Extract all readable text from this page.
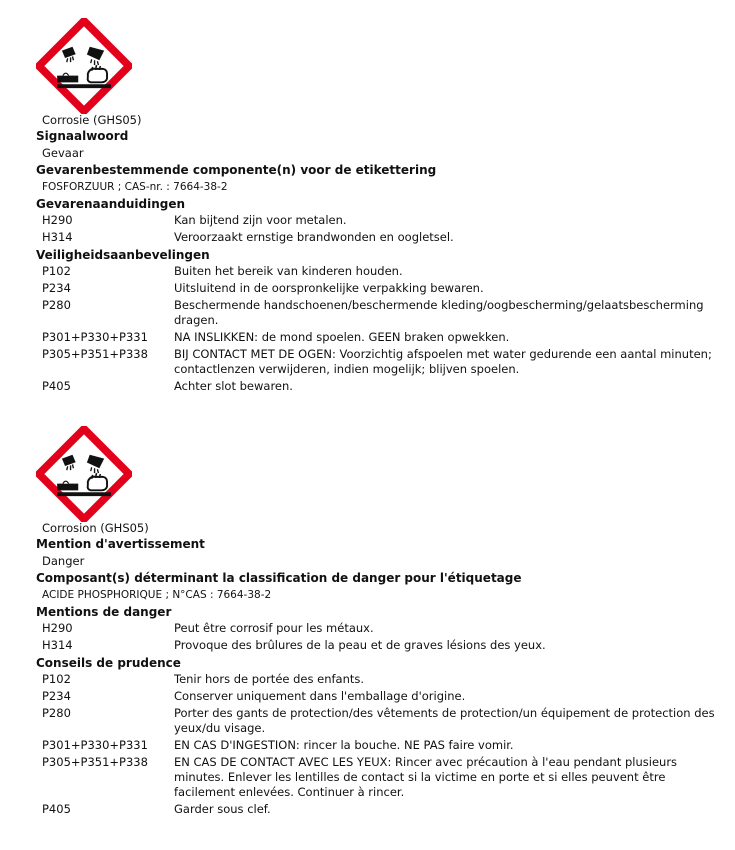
Corrosie (GHS05)
Signaalwoord
Gevaar
Gevarenbestemmende componente(n) voor de etikettering
FOSFORZUUR ; CAS-nr. : 7664-38-2
Gevarenaanduidingen
H290	Kan bijtend zijn voor metalen.
H314	Veroorzaakt ernstige brandwonden en oogletsel.
Veiligheidsaanbevelingen
P102	Buiten het bereik van kinderen houden.
P234	Uitsluitend in de oorspronkelijke verpakking bewaren.
P280	Beschermende handschoenen/beschermende kleding/oogbescherming/gelaatsbescherming dragen.
P301+P330+P331	NA INSLIKKEN: de mond spoelen. GEEN braken opwekken.
P305+P351+P338	BIJ CONTACT MET DE OGEN: Voorzichtig afspoelen met water gedurende een aantal minuten; contactlenzen verwijderen, indien mogelijk; blijven spoelen.
P405	Achter slot bewaren.
Corrosion (GHS05)
Mention d'avertissement
Danger
Composant(s) déterminant la classification de danger pour l'étiquetage
ACIDE PHOSPHORIQUE ; N°CAS : 7664-38-2
Mentions de danger
H290	Peut être corrosif pour les métaux.
H314	Provoque des brûlures de la peau et de graves lésions des yeux.
Conseils de prudence
P102	Tenir hors de portée des enfants.
P234	Conserver uniquement dans l'emballage d'origine.
P280	Porter des gants de protection/des vêtements de protection/un équipement de protection des yeux/du visage.
P301+P330+P331	EN CAS D'INGESTION: rincer la bouche. NE PAS faire vomir.
P305+P351+P338	EN CAS DE CONTACT AVEC LES YEUX: Rincer avec précaution à l'eau pendant plusieurs minutes. Enlever les lentilles de contact si la victime en porte et si elles peuvent être facilement enlevées. Continuer à rincer.
P405	Garder sous clef.
